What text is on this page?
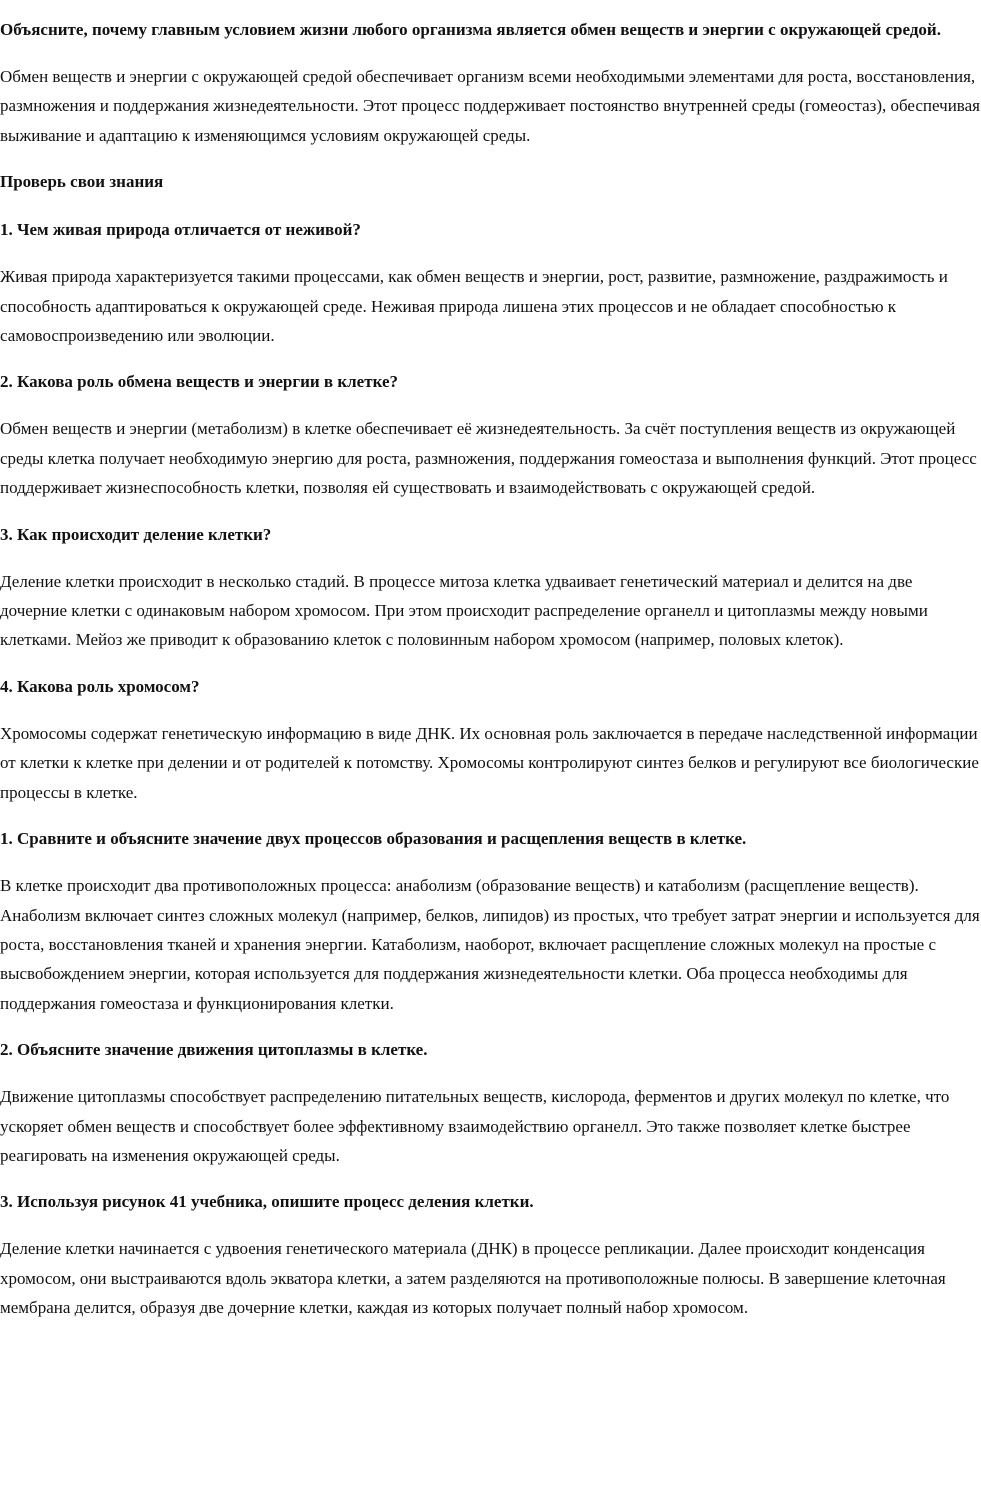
Объясните, почему главным условием жизни любого организма является обмен веществ и энергии с окружающей средой.

Обмен веществ и энергии с окружающей средой обеспечивает организм всеми необходимыми элементами для роста, восстановления, размножения и поддержания жизнедеятельности. Этот процесс поддерживает постоянство внутренней среды (гомеостаз), обеспечивая выживание и адаптацию к изменяющимся условиям окружающей среды.

Проверь свои знания
1. Чем живая природа отличается от неживой?

Живая природа характеризуется такими процессами, как обмен веществ и энергии, рост, развитие, размножение, раздражимость и способность адаптироваться к окружающей среде. Неживая природа лишена этих процессов и не обладает способностью к самовоспроизведению или эволюции.

2. Какова роль обмена веществ и энергии в клетке?

Обмен веществ и энергии (метаболизм) в клетке обеспечивает её жизнедеятельность. За счёт поступления веществ из окружающей среды клетка получает необходимую энергию для роста, размножения, поддержания гомеостаза и выполнения функций. Этот процесс поддерживает жизнеспособность клетки, позволяя ей существовать и взаимодействовать с окружающей средой.

3. Как происходит деление клетки?

Деление клетки происходит в несколько стадий. В процессе митоза клетка удваивает генетический материал и делится на две дочерние клетки с одинаковым набором хромосом. При этом происходит распределение органелл и цитоплазмы между новыми клетками. Мейоз же приводит к образованию клеток с половинным набором хромосом (например, половых клеток).

4. Какова роль хромосом?

Хромосомы содержат генетическую информацию в виде ДНК. Их основная роль заключается в передаче наследственной информации от клетки к клетке при делении и от родителей к потомству. Хромосомы контролируют синтез белков и регулируют все биологические процессы в клетке.

1. Сравните и объясните значение двух процессов образования и расщепления веществ в клетке.

В клетке происходит два противоположных процесса: анаболизм (образование веществ) и катаболизм (расщепление веществ). Анаболизм включает синтез сложных молекул (например, белков, липидов) из простых, что требует затрат энергии и используется для роста, восстановления тканей и хранения энергии. Катаболизм, наоборот, включает расщепление сложных молекул на простые с высвобождением энергии, которая используется для поддержания жизнедеятельности клетки. Оба процесса необходимы для поддержания гомеостаза и функционирования клетки.

2. Объясните значение движения цитоплазмы в клетке.

Движение цитоплазмы способствует распределению питательных веществ, кислорода, ферментов и других молекул по клетке, что ускоряет обмен веществ и способствует более эффективному взаимодействию органелл. Это также позволяет клетке быстрее реагировать на изменения окружающей среды.

3. Используя рисунок 41 учебника, опишите процесс деления клетки.

Деление клетки начинается с удвоения генетического материала (ДНК) в процессе репликации. Далее происходит конденсация хромосом, они выстраиваются вдоль экватора клетки, а затем разделяются на противоположные полюсы. В завершение клеточная мембрана делится, образуя две дочерние клетки, каждая из которых получает полный набор хромосом.
